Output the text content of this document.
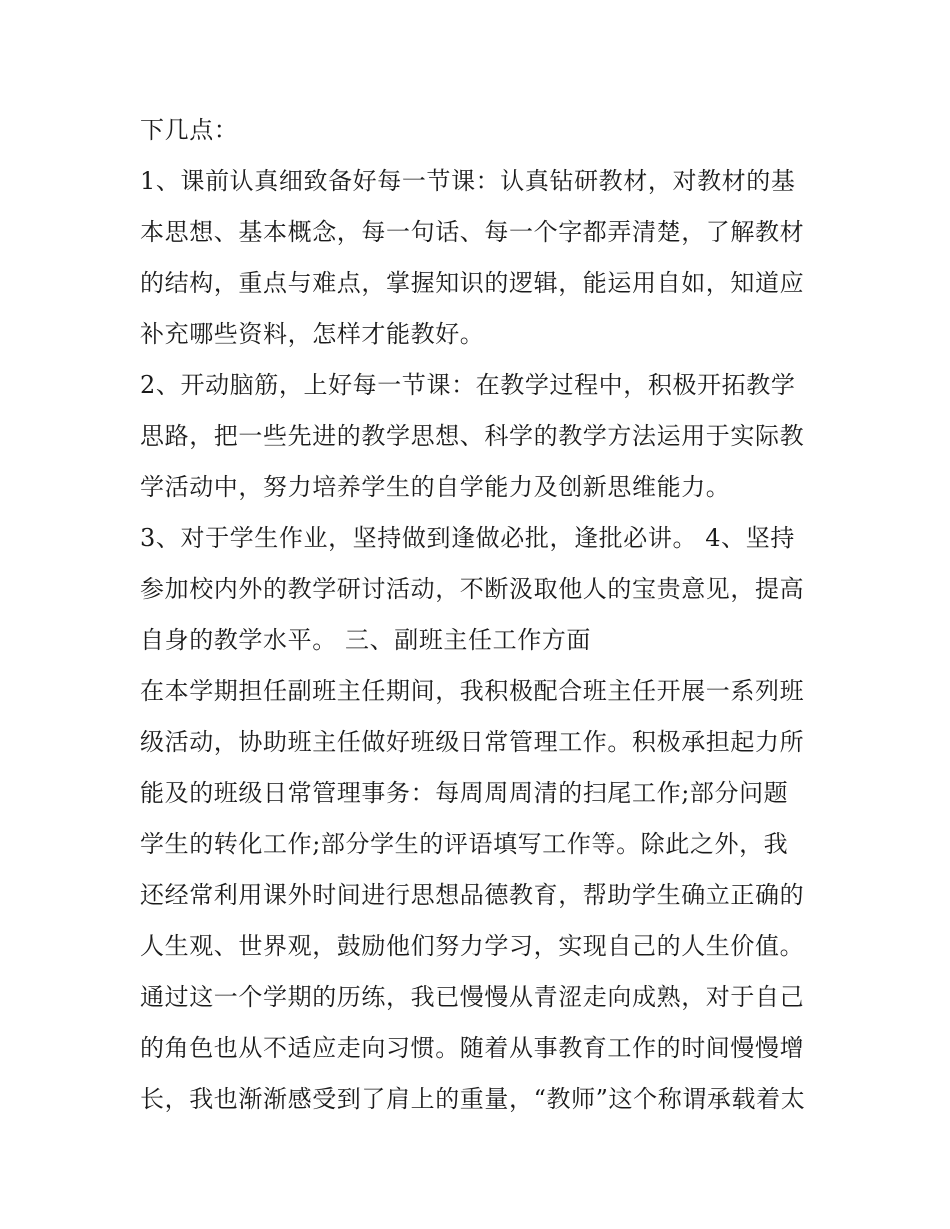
下几点：
1、课前认真细致备好每一节课：认真钻研教材，对教材的基
本思想、基本概念，每一句话、每一个字都弄清楚，了解教材
的结构，重点与难点，掌握知识的逻辑，能运用自如，知道应
补充哪些资料，怎样才能教好。
2、开动脑筋，上好每一节课：在教学过程中，积极开拓教学
思路，把一些先进的教学思想、科学的教学方法运用于实际教
学活动中，努力培养学生的自学能力及创新思维能力。
3、对于学生作业，坚持做到逢做必批，逢批必讲。 4、坚持
参加校内外的教学研讨活动，不断汲取他人的宝贵意见，提高
自身的教学水平。 三、副班主任工作方面
在本学期担任副班主任期间，我积极配合班主任开展一系列班
级活动，协助班主任做好班级日常管理工作。积极承担起力所
能及的班级日常管理事务：每周周周清的扫尾工作;部分问题
学生的转化工作;部分学生的评语填写工作等。除此之外，我
还经常利用课外时间进行思想品德教育，帮助学生确立正确的
人生观、世界观，鼓励他们努力学习，实现自己的人生价值。
通过这一个学期的历练，我已慢慢从青涩走向成熟，对于自己
的角色也从不适应走向习惯。随着从事教育工作的时间慢慢增
长，我也渐渐感受到了肩上的重量，“教师”这个称谓承载着太
